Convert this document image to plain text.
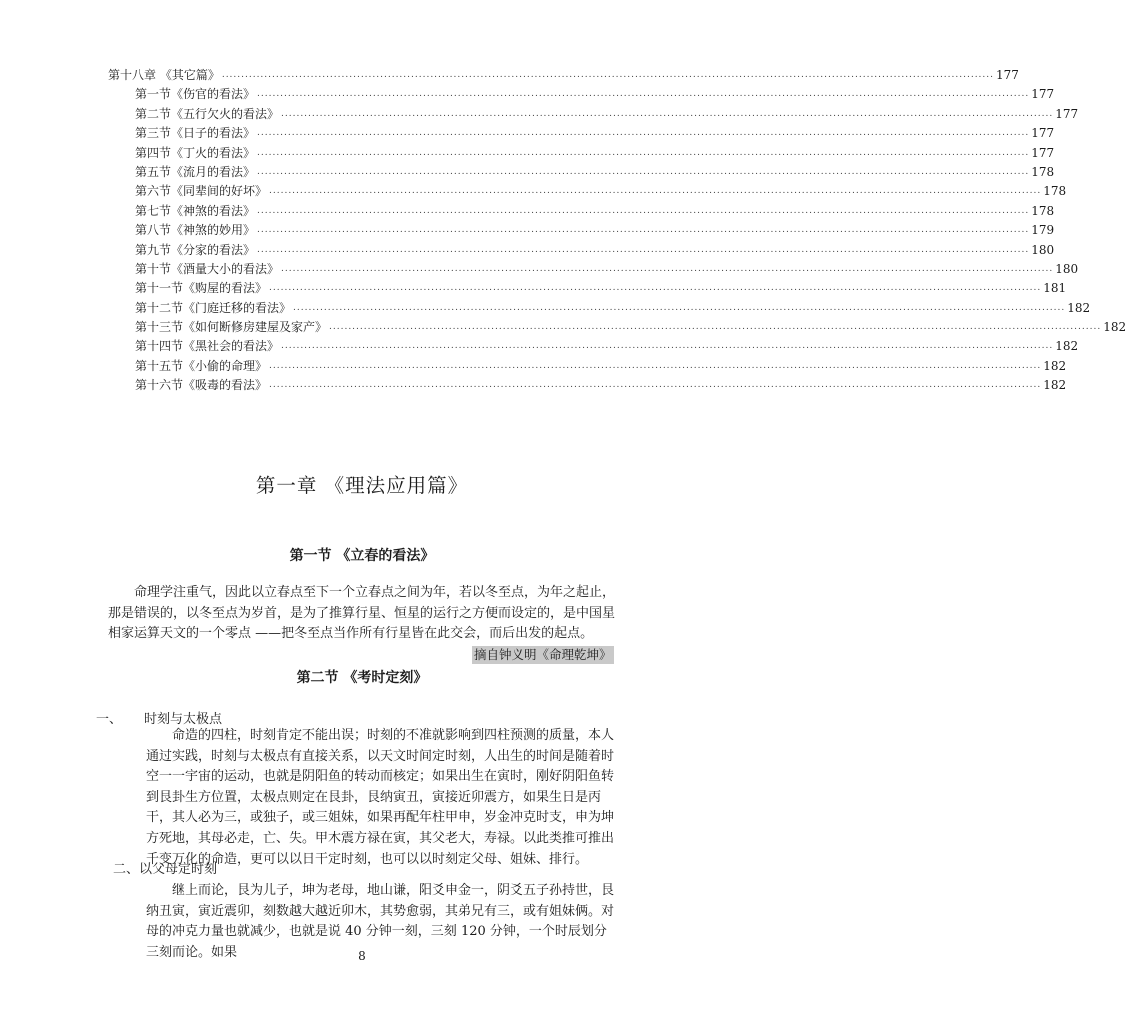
第十八章 《其它篇》 ........................................................................................................................................................................................................ 177
第一节《伤官的看法》 ........................................................................................................................................................................................................ 177
第二节《五行欠火的看法》 ........................................................................................................................................................................................................ 177
第三节《日子的看法》 ........................................................................................................................................................................................................ 177
第四节《丁火的看法》 ........................................................................................................................................................................................................ 177
第五节《流月的看法》 ........................................................................................................................................................................................................ 178
第六节《同辈间的好坏》 ........................................................................................................................................................................................................ 178
第七节《神煞的看法》 ........................................................................................................................................................................................................ 178
第八节《神煞的妙用》 ........................................................................................................................................................................................................ 179
第九节《分家的看法》 ........................................................................................................................................................................................................ 180
第十节《酒量大小的看法》 ........................................................................................................................................................................................................ 180
第十一节《购屋的看法》 ........................................................................................................................................................................................................ 181
第十二节《门庭迁移的看法》 ........................................................................................................................................................................................................ 182
第十三节《如何断修房建屋及家产》 ........................................................................................................................................................................................................ 182
第十四节《黑社会的看法》 ........................................................................................................................................................................................................ 182
第十五节《小偷的命理》 ........................................................................................................................................................................................................ 182
第十六节《吸毒的看法》 ........................................................................................................................................................................................................ 182
第一章 《理法应用篇》
第一节 《立春的看法》
命理学注重气，因此以立春点至下一个立春点之间为年，若以冬至点，为年之起止，那是错误的，以冬至点为岁首，是为了推算行星、恒星的运行之方便而设定的，是中国星相家运算天文的一个零点 ——把冬至点当作所有行星皆在此交会，而后出发的起点。
摘自钟义明《命理乾坤》
第二节 《考时定刻》
一、 时刻与太极点
命造的四柱，时刻肯定不能出误；时刻的不准就影响到四柱预测的质量，本人通过实践，时刻与太极点有直接关系，以天文时间定时刻，人出生的时间是随着时空一一宇宙的运动，也就是阴阳鱼的转动而核定；如果出生在寅时，刚好阴阳鱼转到艮卦生方位置，太极点则定在艮卦，艮纳寅丑，寅接近卯震方，如果生日是丙干，其人必为三，或独子，或三姐妹，如果再配年柱甲申，岁金冲克时支，申为坤方死地，其母必走，亡、失。甲木震方禄在寅，其父老大，寿禄。以此类推可推出千变万化的命造，更可以以日干定时刻，也可以以时刻定父母、姐妹、排行。
二、以父母定时刻
继上而论，艮为儿子，坤为老母，地山谦，阳爻申金一，阴爻五子孙持世，艮纳丑寅，寅近震卯，刻数越大越近卯木，其势愈弱，其弟兄有三，或有姐妹俩。对母的冲克力量也就减少，也就是说 40 分钟一刻，三刻 120 分钟，一个时辰划分三刻而论。如果	8
